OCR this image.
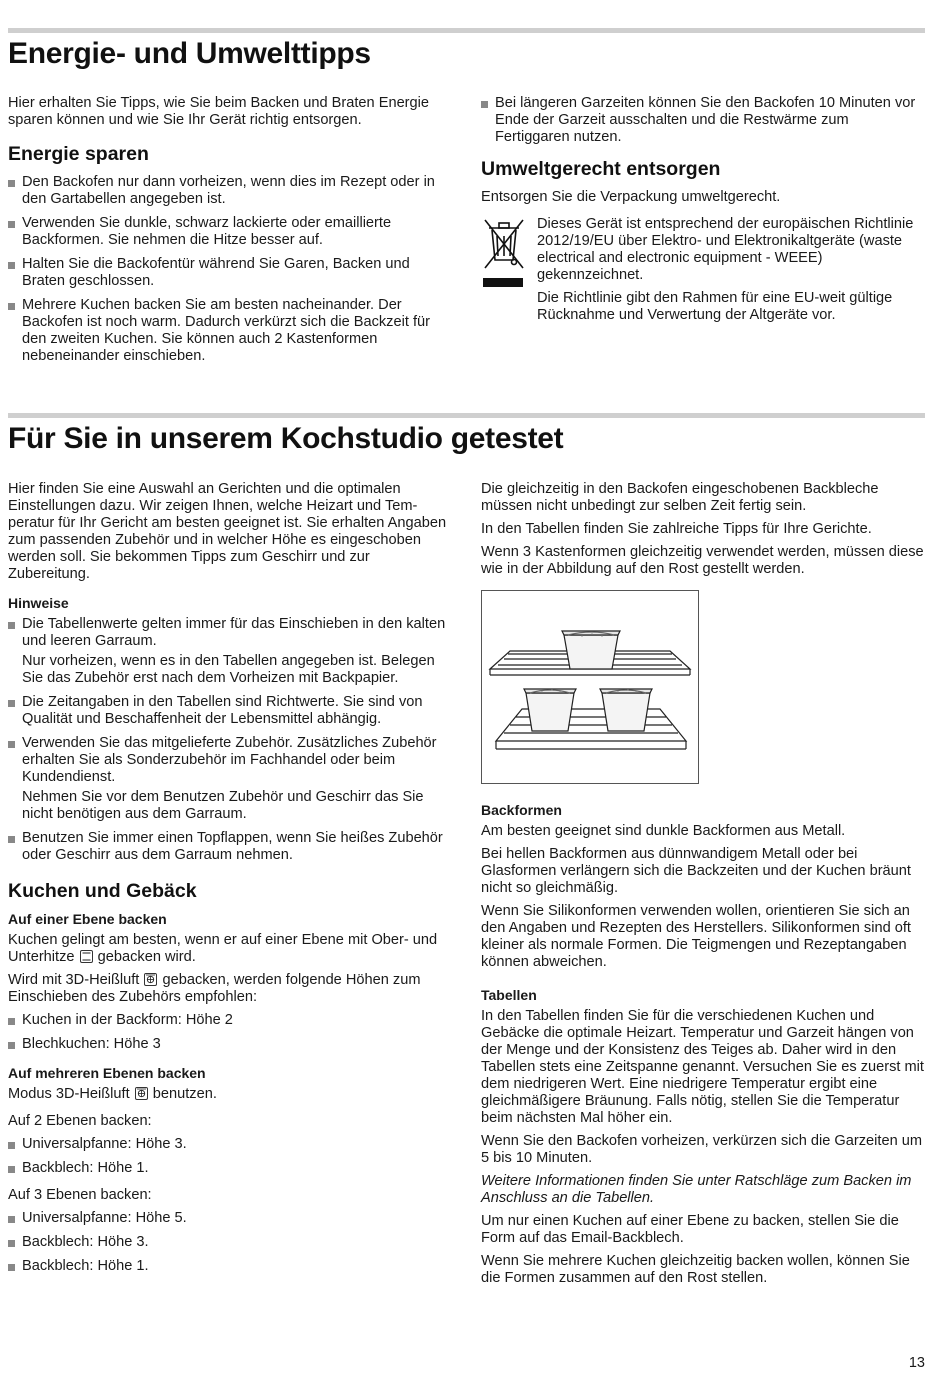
Energie- und Umwelttipps

Hier erhalten Sie Tipps, wie Sie beim Backen und Braten Energie sparen können und wie Sie Ihr Gerät richtig entsorgen.

Energie sparen
Den Backofen nur dann vorheizen, wenn dies im Rezept oder in den Gartabellen angegeben ist.
Verwenden Sie dunkle, schwarz lackierte oder emaillierte Backformen. Sie nehmen die Hitze besser auf.
Halten Sie die Backofentür während Sie Garen, Backen und Braten geschlossen.
Mehrere Kuchen backen Sie am besten nacheinander. Der Backofen ist noch warm. Dadurch verkürzt sich die Backzeit für den zweiten Kuchen. Sie können auch 2 Kastenformen nebeneinander einschieben.
Bei längeren Garzeiten können Sie den Backofen 10 Minuten vor Ende der Garzeit ausschalten und die Restwärme zum Fertiggaren nutzen.
Umweltgerecht entsorgen

Entsorgen Sie die Verpackung umweltgerecht.

Dieses Gerät ist entsprechend der europäischen Richtlinie 2012/19/EU über Elektro- und Elektronikaltgeräte (waste electrical and electronic equipment - WEEE) gekennzeichnet.

Die Richtlinie gibt den Rahmen für eine EU-weit gültige Rücknahme und Verwertung der Altgeräte vor.

Für Sie in unserem Kochstudio getestet

Hier finden Sie eine Auswahl an Gerichten und die optimalen Einstellungen dazu. Wir zeigen Ihnen, welche Heizart und Temperatur für Ihr Gericht am besten geeignet ist. Sie erhalten Angaben zum passenden Zubehör und in welcher Höhe es eingeschoben werden soll. Sie bekommen Tipps zum Geschirr und zur Zubereitung.

Hinweise
Die Tabellenwerte gelten immer für das Einschieben in den kalten und leeren Garraum.
Nur vorheizen, wenn es in den Tabellen angegeben ist. Belegen Sie das Zubehör erst nach dem Vorheizen mit Backpapier.
Die Zeitangaben in den Tabellen sind Richtwerte. Sie sind von Qualität und Beschaffenheit der Lebensmittel abhängig.
Verwenden Sie das mitgelieferte Zubehör. Zusätzliches Zubehör erhalten Sie als Sonderzubehör im Fachhandel oder beim Kundendienst.
Nehmen Sie vor dem Benutzen Zubehör und Geschirr das Sie nicht benötigen aus dem Garraum.
Benutzen Sie immer einen Topflappen, wenn Sie heißes Zubehör oder Geschirr aus dem Garraum nehmen.
Kuchen und Gebäck
Auf einer Ebene backen

Kuchen gelingt am besten, wenn er auf einer Ebene mit Ober- und Unterhitze gebacken wird.

Wird mit 3D-Heißluft gebacken, werden folgende Höhen zum Einschieben des Zubehörs empfohlen:

Kuchen in der Backform: Höhe 2
Blechkuchen: Höhe 3
Auf mehreren Ebenen backen

Modus 3D-Heißluft benutzen.

Auf 2 Ebenen backen:

Universalpfanne: Höhe 3.
Backblech: Höhe 1.

Auf 3 Ebenen backen:

Universalpfanne: Höhe 5.
Backblech: Höhe 3.
Backblech: Höhe 1.

Die gleichzeitig in den Backofen eingeschobenen Backbleche müssen nicht unbedingt zur selben Zeit fertig sein.

In den Tabellen finden Sie zahlreiche Tipps für Ihre Gerichte.

Wenn 3 Kastenformen gleichzeitig verwendet werden, müssen diese wie in der Abbildung auf den Rost gestellt werden.

Backformen

Am besten geeignet sind dunkle Backformen aus Metall.

Bei hellen Backformen aus dünnwandigem Metall oder bei Glasformen verlängern sich die Backzeiten und der Kuchen bräunt nicht so gleichmäßig.

Wenn Sie Silikonformen verwenden wollen, orientieren Sie sich an den Angaben und Rezepten des Herstellers. Silikonformen sind oft kleiner als normale Formen. Die Teigmengen und Rezeptangaben können abweichen.

Tabellen

In den Tabellen finden Sie für die verschiedenen Kuchen und Gebäcke die optimale Heizart. Temperatur und Garzeit hängen von der Menge und der Konsistenz des Teiges ab. Daher wird in den Tabellen stets eine Zeitspanne genannt. Versuchen Sie es zuerst mit dem niedrigeren Wert. Eine niedrigere Temperatur ergibt eine gleichmäßigere Bräunung. Falls nötig, stellen Sie die Temperatur beim nächsten Mal höher ein.

Wenn Sie den Backofen vorheizen, verkürzen sich die Garzeiten um 5 bis 10 Minuten.

Weitere Informationen finden Sie unter Ratschläge zum Backen im Anschluss an die Tabellen.

Um nur einen Kuchen auf einer Ebene zu backen, stellen Sie die Form auf das Email-Backblech.

Wenn Sie mehrere Kuchen gleichzeitig backen wollen, können Sie die Formen zusammen auf den Rost stellen.

13
